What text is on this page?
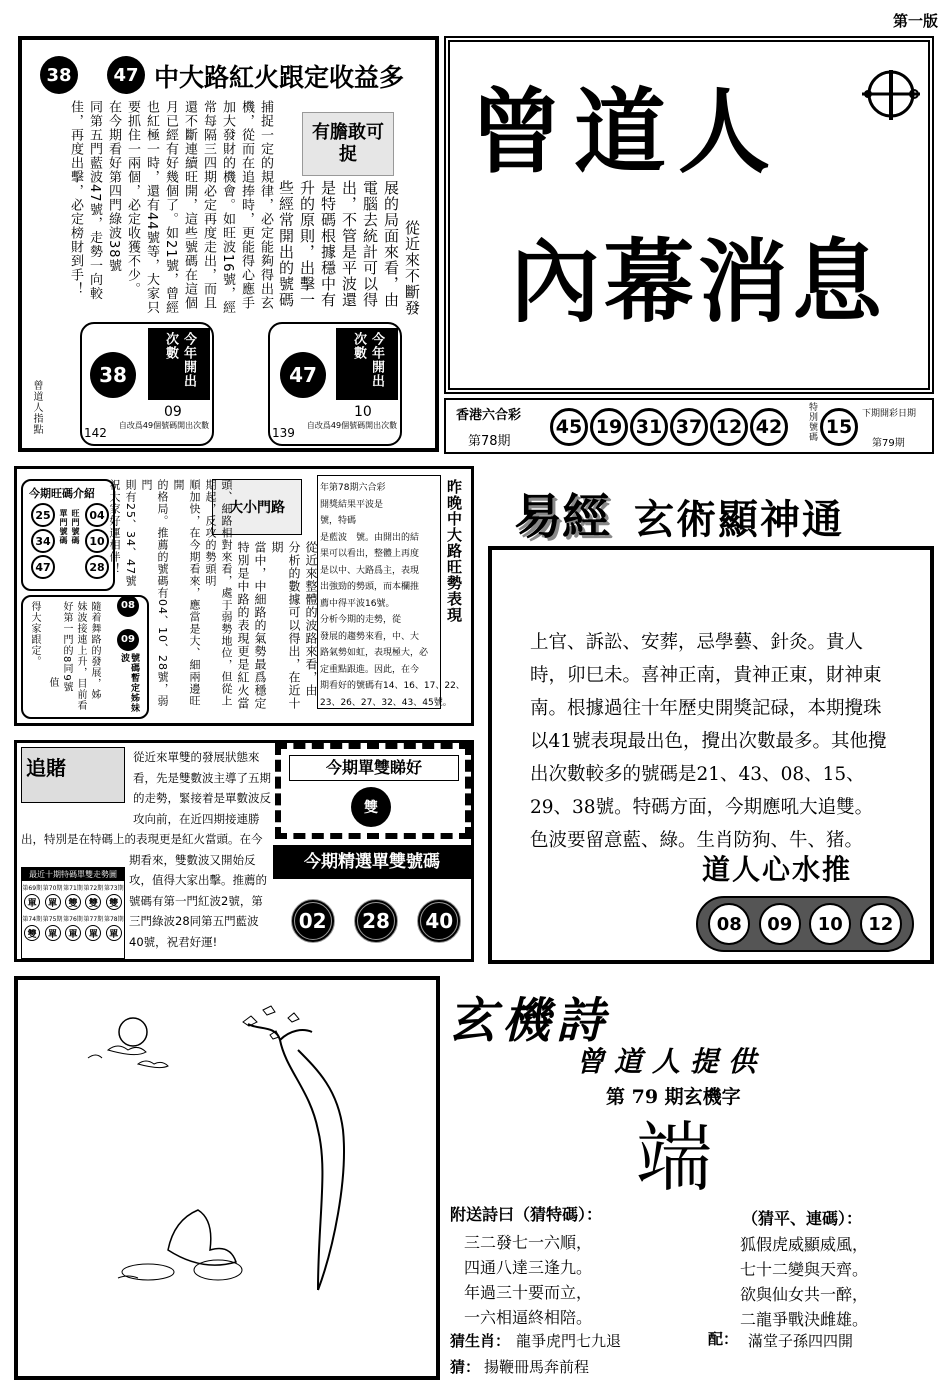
第一版
38	47 中大路紅火跟定收益多
有膽敢可捉
從近來不斷發
展的局面來看，由
電腦去統計可以得
出，不管是平波還
是特碼根據穩中有
升的原則，出擊一
些經常開出的號碼
捕捉一定的規律，必定能夠得出玄
機，從而在追捧時，更能得心應手
加大發財的機會。如旺波16號，經
常每隔三四期必定再度走出，而且
還不斷連續旺開，這些號碼在這個
月已經有好幾個了。如21號，曾經
也紅極一時，還有44號等，大家只
要抓住一兩個，必定收獲不少。
在今期看好第四門綠波38號
同第五門藍波47號，走勢一向較
佳，再度出擊，必定榜財到手！
38	今年開出次數
09
142
自改爲49個號碼開出次數
47	今年開出次數
10
139
自改爲49個號碼開出次數
曾道人指點
曾道人
內幕消息
香港六合彩
第78期
45 19 31 37 12 42	特別號碼 15
下期開彩日期
第79期
今期旺碼介紹
25
34
47
單門號碼 旺門號碼 04
10
28
得大家跟定。
值 好第一門的8同9號 妹波接連上升，目前看 隨着舞路的發展，姊	08
09
號碼暫定姊妹波
大小門路
從近來整體的波路來看，由
分析的數據可以得出，在近十期
當中，中細路的氣勢最爲穩定
特別是中路的表現更是紅火當
頭、細路相對來看，處于弱勢地位，但從上期起，反攻的勢頭明
順加快，在今期看來，應當是大、細兩邊旺開
的格局。推薦的號碼有04、10、28號，弱門
則有25、34、47號
祝大家好運相伴！	年第78期六合彩
開獎結果平波是
號，特碼
是藍波　號。由開出的結
果可以看出，整體上再度
是以中、大路爲主，表現
出強勁的勢頭，而本欄推
薦中得平波16號。
分析今期的走勢，從
發展的趨勢來看，中、大
路氣勢如虹，表現極大，必
定重點跟進。因此，在今
期看好的號碼有14、16、17、22、
23、26、27、32、43、45號。
昨晚中大路旺勢表現 易經 玄術顯神通
上官、訴訟、安葬，忌學藝、針灸。貴人時，卯巳未。喜神正南，貴神正東，財神東南。根據過往十年歷史開獎記碌，本期攪珠以41號表現最出色，攪出次數最多。其他攪出次數較多的號碼是21、43、08、15、29、38號。特碼方面，今期應吼大追雙。色波要留意藍、綠。生肖防狗、牛、猪。
道人心水推
08	09	10	12
追賭	從近來單雙的發展狀態來看，先是雙數波主導了五期的走勢，緊接着是單數波反攻向前，在近四期接連勝出，特別是在特碼上的表現更是紅火當頭。在今期看來，雙數波又開始反攻，值得大家出擊。推薦的號碼有第一門紅波2號，第三門綠波28同第五門藍波40號，祝君好運!
最近十期特碼單雙走勢圖
第69期 第70期 第71期 第72期 第73期
單	單	雙	雙	雙
第74期 第75期 第76期 第77期 第78期
雙	單	單	單	單
今期單雙睇好
雙
今期精選單雙號碼
02	28	40
玄機詩
曾道人提供
第 79 期玄機字
端
附送詩曰（猜特碼）：	（猜平、連碼）：
三二發七一六順，
四通八達三逢九。
年過三十要而立，
一六相逼終相陪。
狐假虎威顯威風，
七十二變與天齊。
欲與仙女共一醉，
二龍爭戰決雌雄。
猜生肖： 龍爭虎門七九退	配： 滿堂子孫四四開
猜： 揚鞭冊馬奔前程
